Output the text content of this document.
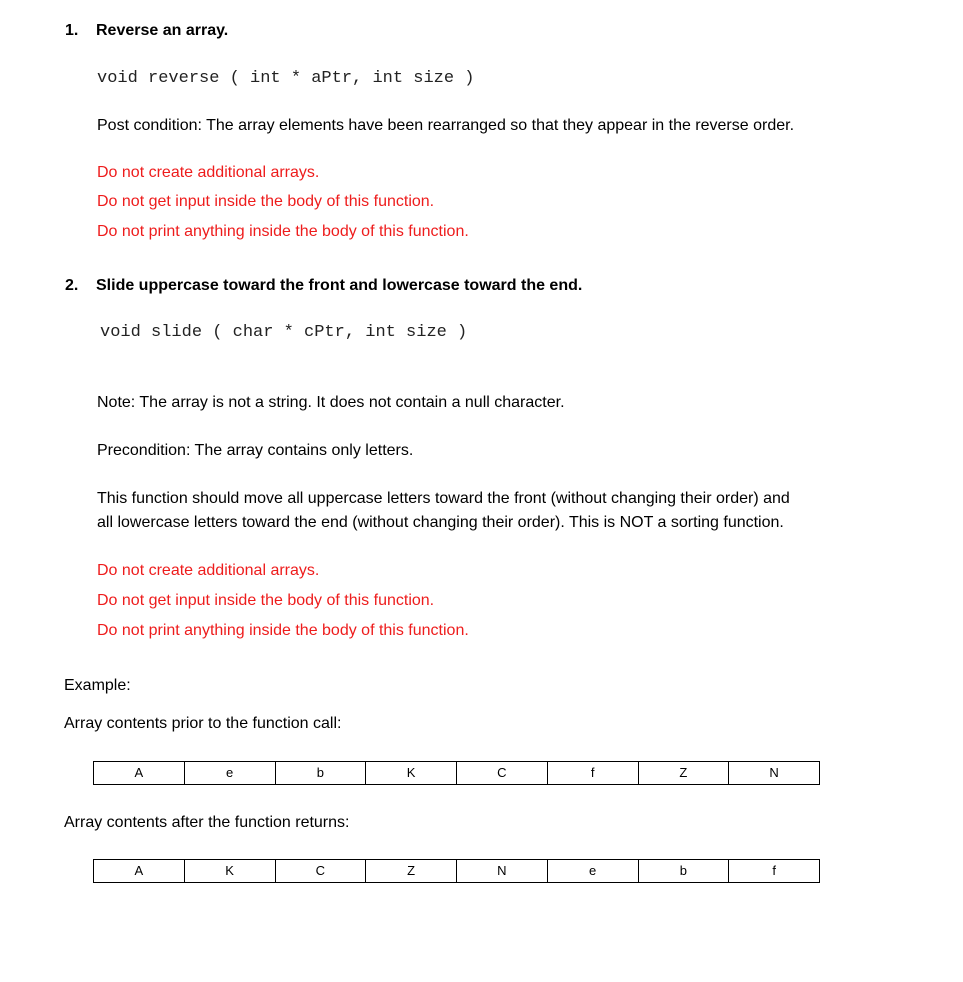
1. Reverse an array.
void reverse ( int * aPtr, int size )
Post condition: The array elements have been rearranged so that they appear in the reverse order.
Do not create additional arrays.
Do not get input inside the body of this function.
Do not print anything inside the body of this function.
2. Slide uppercase toward the front and lowercase toward the end.
void slide ( char * cPtr, int size )
Note: The array is not a string. It does not contain a null character.
Precondition: The array contains only letters.
This function should move all uppercase letters toward the front (without changing their order) and
all lowercase letters toward the end (without changing their order). This is NOT a sorting function.
Do not create additional arrays.
Do not get input inside the body of this function.
Do not print anything inside the body of this function.
Example:
Array contents prior to the function call:
A	e	b	K	C	f	Z	N
Array contents after the function returns:
A	K	C	Z	N	e	b	f
